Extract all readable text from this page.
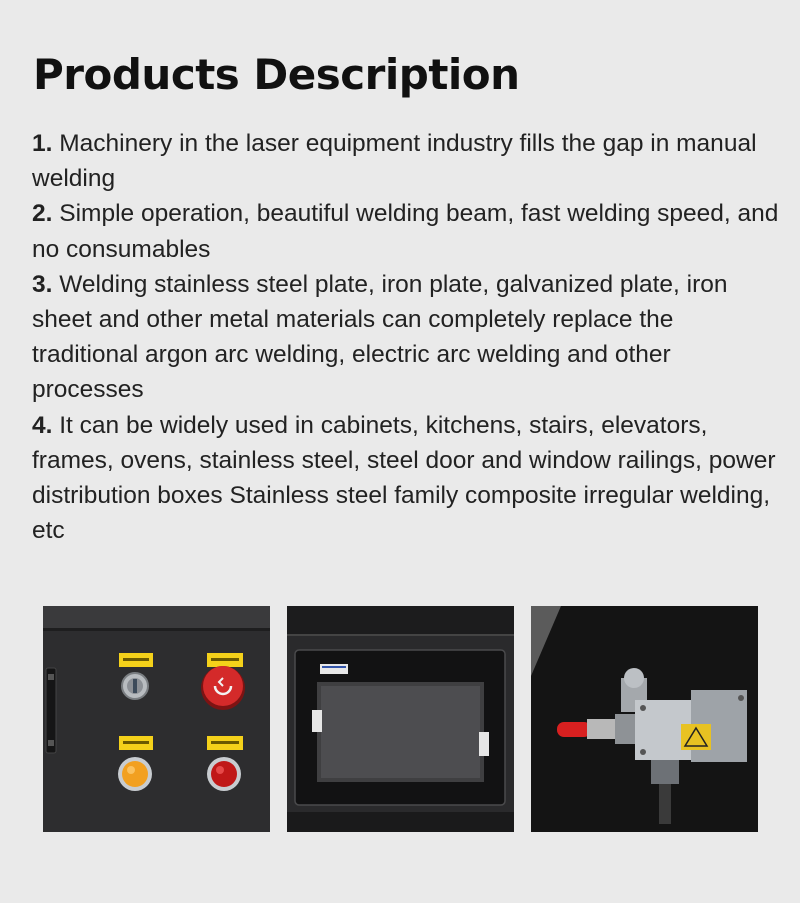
Products Description

1. Machinery in the laser equipment industry fills the gap in manual welding

2. Simple operation, beautiful welding beam, fast welding speed, and no consumables

3. Welding stainless steel plate, iron plate, galvanized plate, iron sheet and other metal materials can completely replace the traditional argon arc welding, electric arc welding and other processes

4. It can be widely used in cabinets, kitchens, stairs, elevators, frames, ovens, stainless steel, steel door and window railings, power distribution boxes Stainless steel family composite irregular welding, etc
